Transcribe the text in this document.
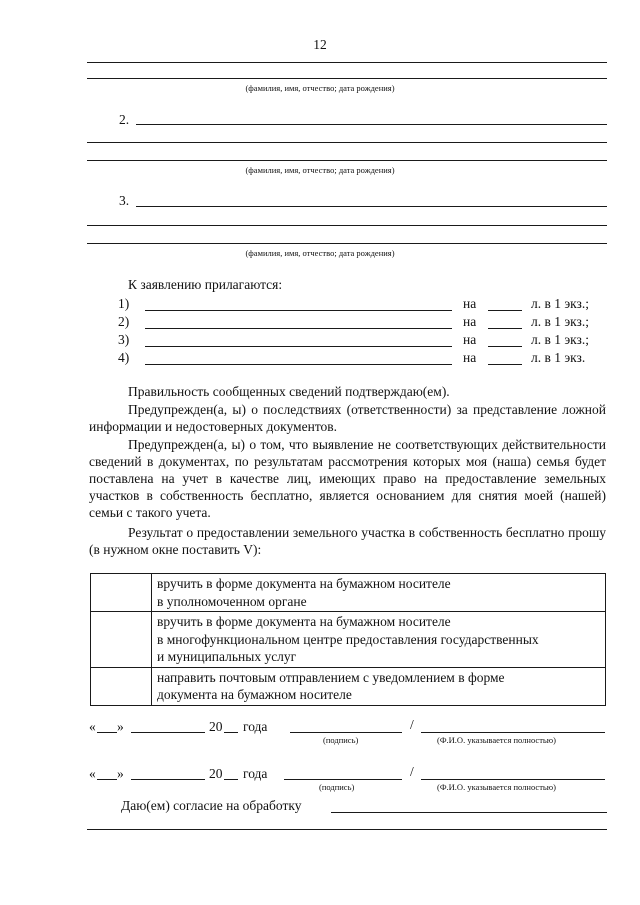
12
(фамилия, имя, отчество; дата рождения)
2.
(фамилия, имя, отчество; дата рождения)
3.
(фамилия, имя, отчество; дата рождения)
К заявлению прилагаются:
1)	на	л. в 1 экз.;
2)	на	л. в 1 экз.;
3)	на	л. в 1 экз.;
4)	на	л. в 1 экз.
Правильность сообщенных сведений подтверждаю(ем).
Предупрежден(а, ы) о последствиях (ответственности) за представление ложной информации и недостоверных документов.
Предупрежден(а, ы) о том, что выявление не соответствующих действительности сведений в документах, по результатам рассмотрения которых моя (наша) семья будет поставлена на учет в качестве лиц, имеющих право на предоставление земельных участков в собственность бесплатно, является основанием для снятия моей (нашей) семьи с такого учета.
Результат о предоставлении земельного участка в собственность бесплатно прошу (в нужном окне поставить V):

	вручить в форме документа на бумажном носителе
в уполномоченном органе

	вручить в форме документа на бумажном носителе
в многофункциональном центре предоставления государственных
и муниципальных услуг

	направить почтовым отправлением с уведомлением в форме
документа на бумажном носителе
« »	20 года	/
(подпись)	(Ф.И.О. указывается полностью)
« »	20 года	/
(подпись)	(Ф.И.О. указывается полностью)
Даю(ем) согласие на обработку
